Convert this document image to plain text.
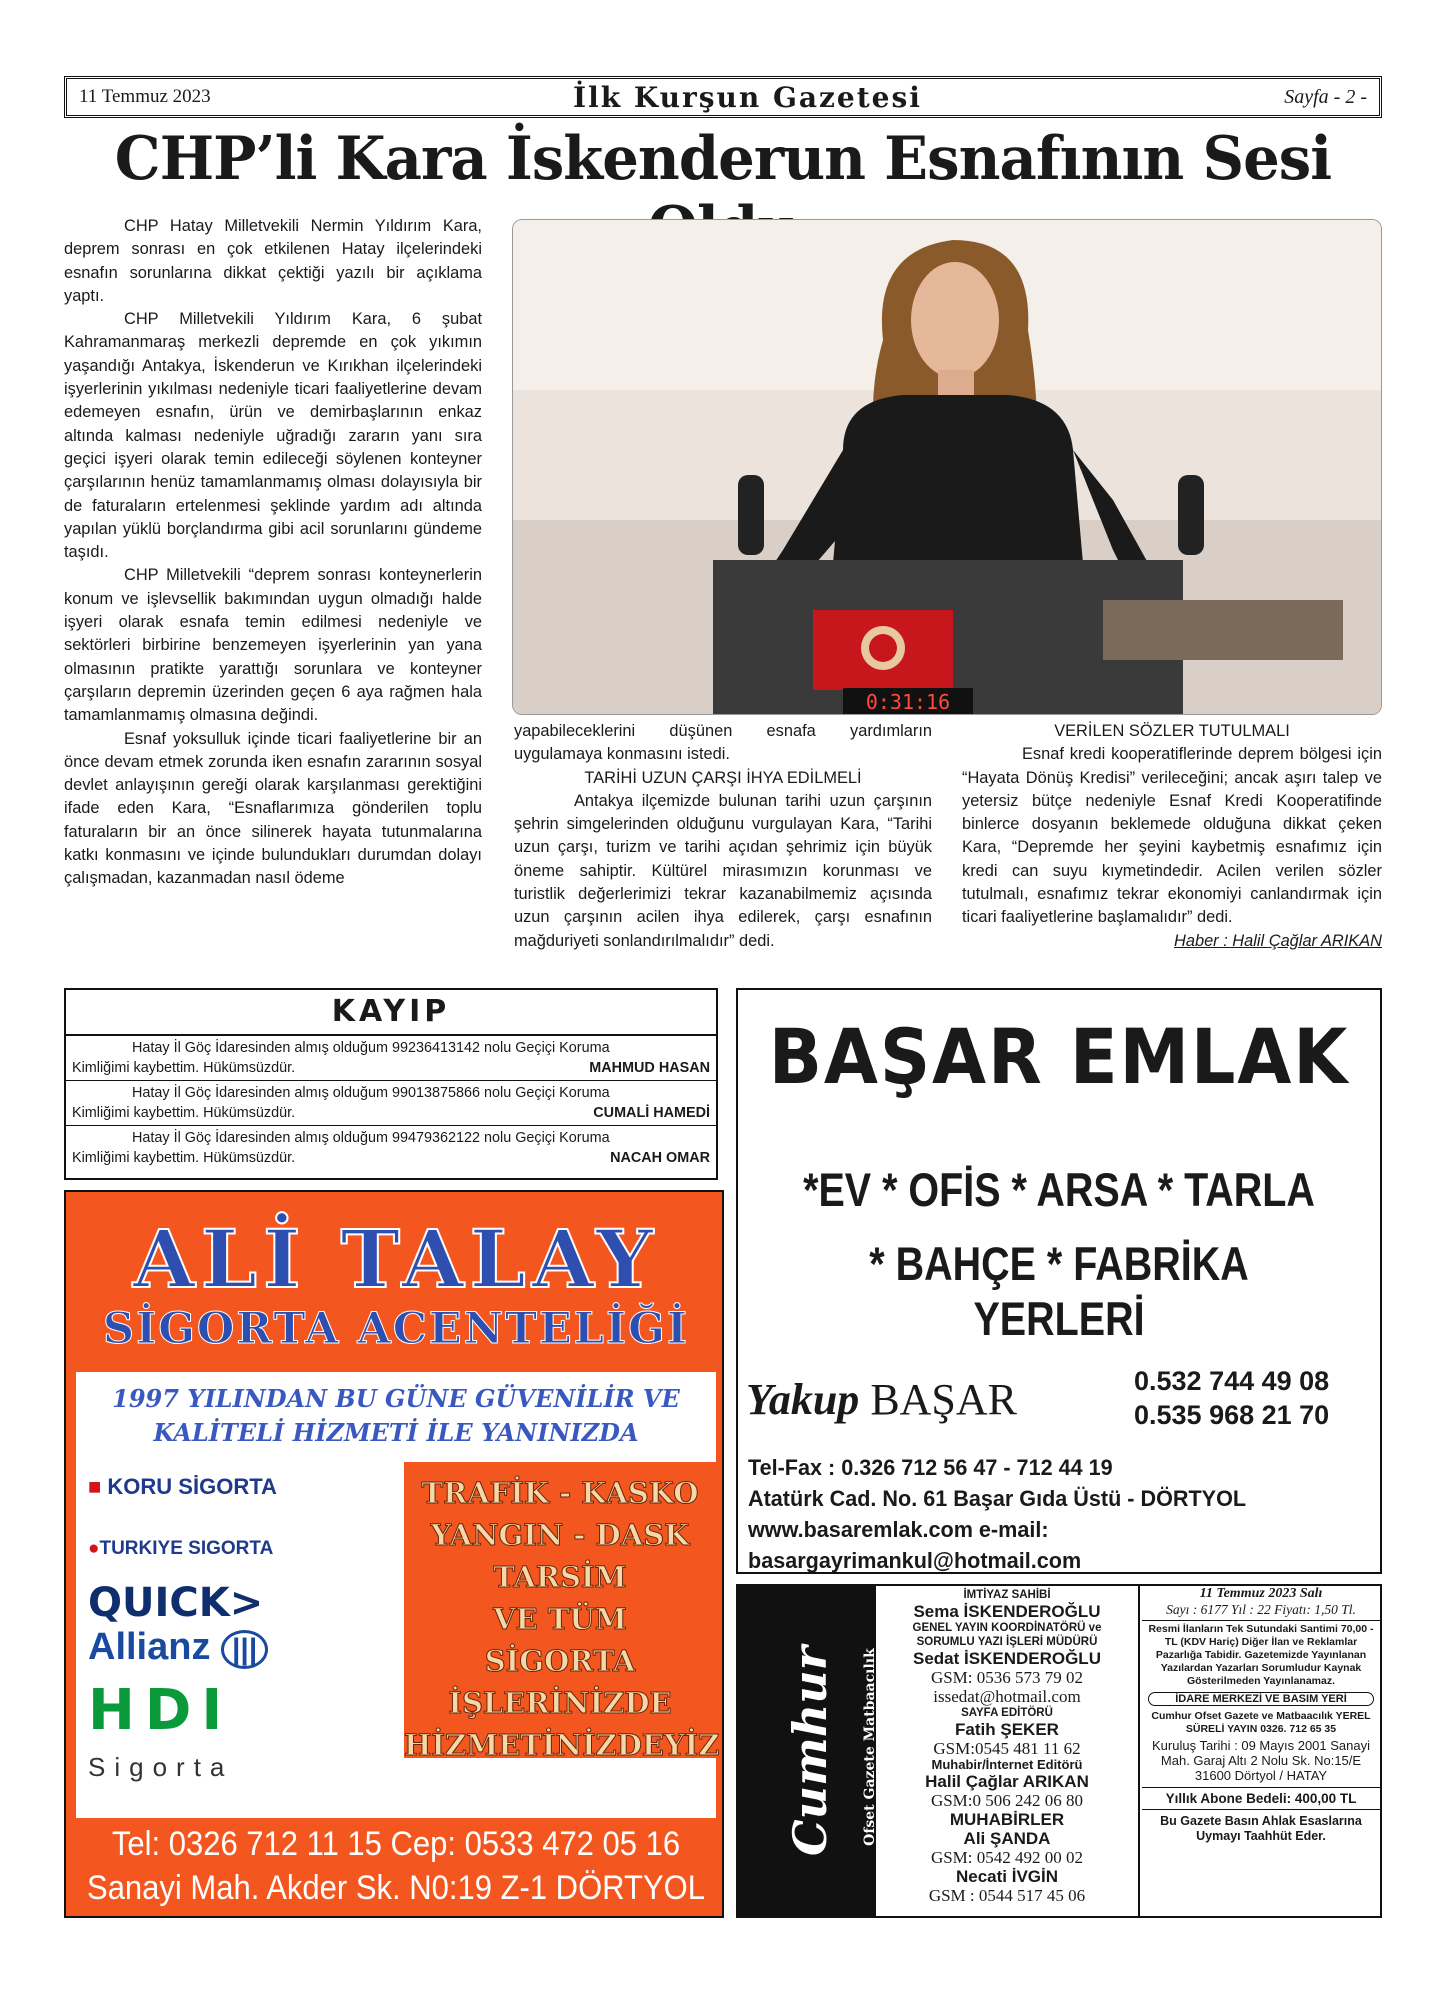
11 Temmuz 2023	İlk Kurşun Gazetesi	Sayfa - 2 -
CHP’li Kara İskenderun Esnafının Sesi

CHP Hatay Milletvekili Nermin Yıldırım Kara, deprem sonrası en çok etkilenen Hatay ilçelerindeki esnafın sorunlarına dikkat çektiği yazılı bir açıklama yaptı.

CHP Milletvekili Yıldırım Kara, 6 şubat Kahramanmaraş merkezli depremde en çok yıkımın yaşandığı Antakya, İskenderun ve Kırıkhan ilçelerindeki işyerlerinin yıkılması nedeniyle ticari faaliyetlerine devam edemeyen esnafın, ürün ve demirbaşlarının enkaz altında kalması nedeniyle uğradığı zararın yanı sıra geçici işyeri olarak temin edileceği söylenen konteyner çarşılarının henüz tamamlanmamış olması dolayısıyla bir de faturaların ertelenmesi şeklinde yardım adı altında yapılan yüklü borçlandırma gibi acil sorunlarını gündeme taşıdı.

CHP Milletvekili “deprem sonrası konteynerlerin konum ve işlevsellik bakımından uygun olmadığı halde işyeri olarak esnafa temin edilmesi nedeniyle ve sektörleri birbirine benzemeyen işyerlerinin yan yana olmasının pratikte yarattığı sorunlara ve konteyner çarşıların depremin üzerinden geçen 6 aya rağmen hala tamamlanmamış olmasına değindi.

Esnaf yoksulluk içinde ticari faaliyetlerine bir an önce devam etmek zorunda iken esnafın zararının sosyal devlet anlayışının gereği olarak karşılanması gerektiğini ifade eden Kara, “Esnaflarımıza gönderilen toplu faturaların bir an önce silinerek hayata tutunmalarına katkı konmasını ve içinde bulundukları durumdan dolayı çalışmadan, kazanmadan nasıl ödeme

0:31:16

yapabileceklerini düşünen esnafa yardımların uygulamaya konmasını istedi.

TARİHİ UZUN ÇARŞI İHYA EDİLMELİ

Antakya ilçemizde bulunan tarihi uzun çarşının şehrin simgelerinden olduğunu vurgulayan Kara, “Tarihi uzun çarşı, turizm ve tarihi açıdan şehrimiz için büyük öneme sahiptir. Kültürel mirasımızın korunması ve turistlik değerlerimizi tekrar kazanabilmemiz açısında uzun çarşının acilen ihya edilerek, çarşı esnafının mağduriyeti sonlandırılmalıdır” dedi.

VERİLEN SÖZLER TUTULMALI

Esnaf kredi kooperatiflerinde deprem bölgesi için “Hayata Dönüş Kredisi” verileceğini; ancak aşırı talep ve yetersiz bütçe nedeniyle Esnaf Kredi Kooperatifinde binlerce dosyanın beklemede olduğuna dikkat çeken Kara, “Depremde her şeyini kaybetmiş esnafımız için kredi can suyu kıymetindedir. Acilen verilen sözler tutulmalı, esnafımız tekrar ekonomiyi canlandırmak için ticari faaliyetlerine başlamalıdır” dedi.

Haber : Halil Çağlar ARIKAN

KAYIP
Hatay İl Göç İdaresinden almış olduğum 99236413142 nolu Geçiçi Koruma
Kimliğimi kaybettim. Hükümsüzdür.	MAHMUD HASAN
Hatay İl Göç İdaresinden almış olduğum 99013875866 nolu Geçiçi Koruma
Kimliğimi kaybettim. Hükümsüzdür.	CUMALİ HAMEDİ
Hatay İl Göç İdaresinden almış olduğum 99479362122 nolu Geçiçi Koruma
Kimliğimi kaybettim. Hükümsüzdür.	NACAH OMAR
ALİ TALAY
SİGORTA ACENTELİĞİ
1997 YILINDAN BU GÜNE GÜVENİLİR VE
KALİTELİ HİZMETİ İLE YANINIZDA
■ KORU SİGORTA
●TURKIYE SIGORTA
QUICK>
Allianz |||
HDI
Sigorta
TRAFİK - KASKO
YANGIN - DASK
TARSİM
VE TÜM
SİGORTA
İŞLERİNİZDE
HİZMETİNİZDEYİZ
Tel: 0326 712 11 15 Cep: 0533 472 05 16
Sanayi Mah. Akder Sk. N0:19 Z-1 DÖRTYOL
BAŞAR EMLAK
*EV * OFİS * ARSA * TARLA
* BAHÇE * FABRİKA YERLERİ
Yakup BAŞAR	0.532 744 49 08
0.535 968 21 70
Tel-Fax : 0.326 712 56 47 - 712 44 19
Atatürk Cad. No. 61 Başar Gıda Üstü - DÖRTYOL
www.basaremlak.com e-mail: basargayrimankul@hotmail.com
Cumhur Ofset Gazete Matbaacılık Reklam ve Tanıtım Hizmetleri www.ilkkursungazetesi.org
İMTİYAZ SAHİBİ
Sema İSKENDEROĞLU
GENEL YAYIN KOORDİNATÖRÜ ve
SORUMLU YAZI İŞLERİ MÜDÜRÜ
Sedat İSKENDEROĞLU
GSM: 0536 573 79 02
issedat@hotmail.com
SAYFA EDİTÖRÜ
Fatih ŞEKER
GSM:0545 481 11 62
Muhabir/İnternet Editörü
Halil Çağlar ARIKAN
GSM:0 506 242 06 80
MUHABİRLER
Ali ŞANDA
GSM: 0542 492 00 02
Necati İVGİN
GSM : 0544 517 45 06
11 Temmuz 2023 Salı
Sayı : 6177 Yıl : 22 Fiyatı: 1,50 Tl.
Resmi İlanların Tek Sutundaki Santimi 70,00 - TL (KDV Hariç) Diğer İlan ve Reklamlar Pazarlığa Tabidir. Gazetemizde Yayınlanan Yazılardan Yazarları Sorumludur Kaynak Gösterilmeden Yayınlanamaz.
İDARE MERKEZİ VE BASIM YERİ
Cumhur Ofset Gazete ve Matbaacılık YEREL SÜRELİ YAYIN 0326. 712 65 35
Kuruluş Tarihi : 09 Mayıs 2001 Sanayi Mah. Garaj Altı 2 Nolu Sk. No:15/E 31600 Dörtyol / HATAY
Yıllık Abone Bedeli: 400,00 TL
Bu Gazete Basın Ahlak Esaslarına Uymayı Taahhüt Eder.
